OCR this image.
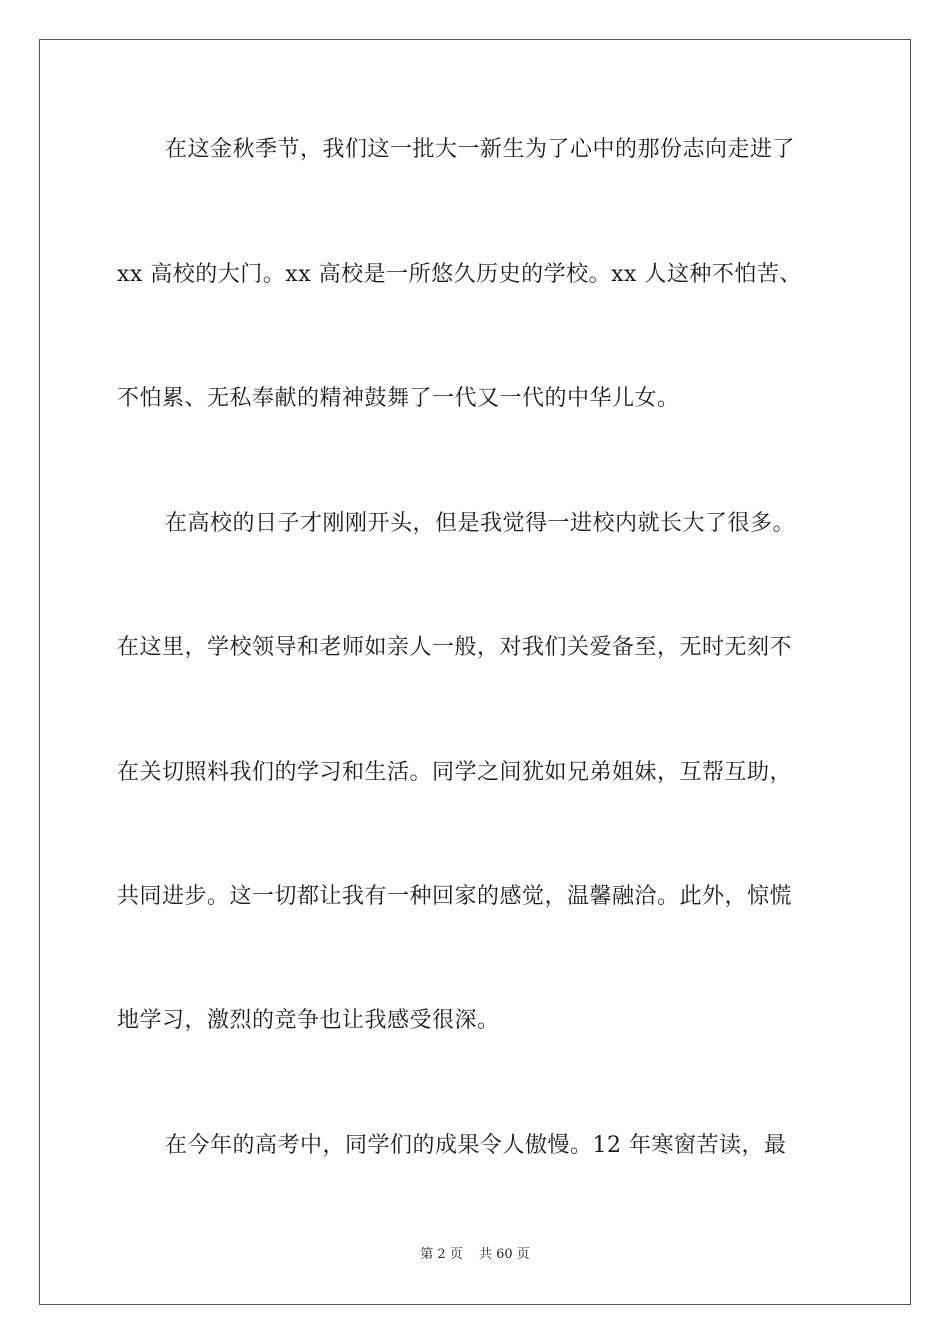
在这金秋季节，我们这一批大一新生为了心中的那份志向走进了
xx 高校的大门。xx 高校是一所悠久历史的学校。xx 人这种不怕苦、
不怕累、无私奉献的精神鼓舞了一代又一代的中华儿女。
在高校的日子才刚刚开头，但是我觉得一进校内就长大了很多。
在这里，学校领导和老师如亲人一般，对我们关爱备至，无时无刻不
在关切照料我们的学习和生活。同学之间犹如兄弟姐妹，互帮互助，
共同进步。这一切都让我有一种回家的感觉，温馨融洽。此外，惊慌
地学习，激烈的竞争也让我感受很深。
在今年的高考中，同学们的成果令人傲慢。12 年寒窗苦读，最
第 2 页 共 60 页
